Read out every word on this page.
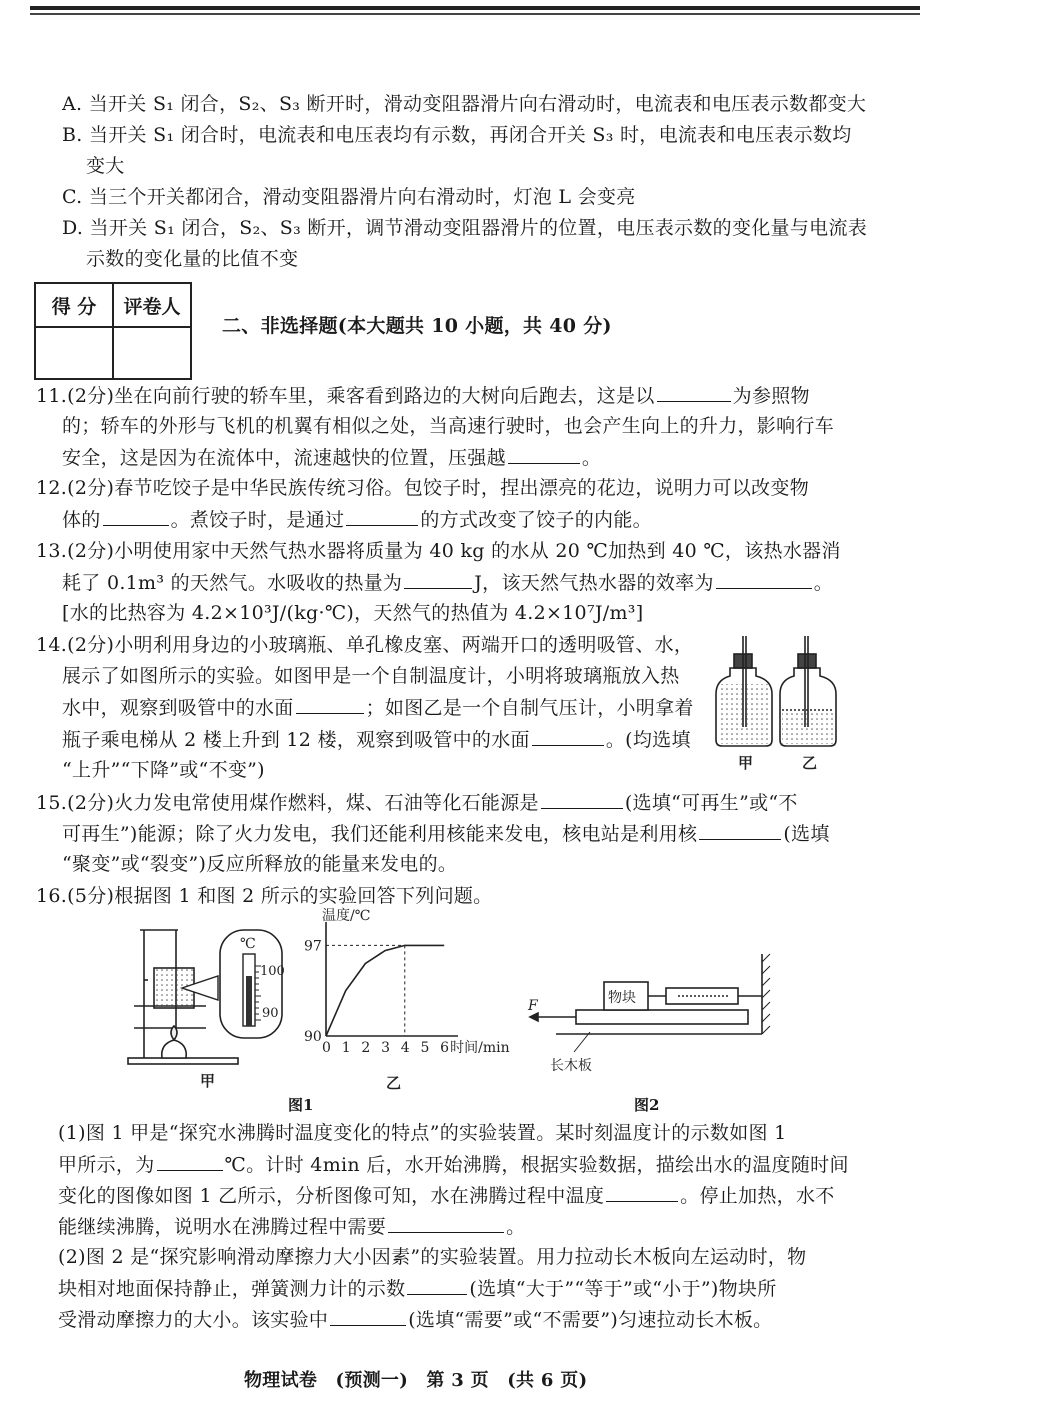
A. 当开关 S₁ 闭合，S₂、S₃ 断开时，滑动变阻器滑片向右滑动时，电流表和电压表示数都变大
B. 当开关 S₁ 闭合时，电流表和电压表均有示数，再闭合开关 S₃ 时，电流表和电压表示数均
变大
C. 当三个开关都闭合，滑动变阻器滑片向右滑动时，灯泡 L 会变亮
D. 当开关 S₁ 闭合，S₂、S₃ 断开，调节滑动变阻器滑片的位置，电压表示数的变化量与电流表
示数的变化量的比值不变
得 分	评卷人

二、非选择题(本大题共 10 小题，共 40 分)
11.(2分)坐在向前行驶的轿车里，乘客看到路边的大树向后跑去，这是以	为参照物
的；轿车的外形与飞机的机翼有相似之处，当高速行驶时，也会产生向上的升力，影响行车
安全，这是因为在流体中，流速越快的位置，压强越	。
12.(2分)春节吃饺子是中华民族传统习俗。包饺子时，捏出漂亮的花边，说明力可以改变物
体的	。煮饺子时，是通过	的方式改变了饺子的内能。
13.(2分)小明使用家中天然气热水器将质量为 40 kg 的水从 20 ℃加热到 40 ℃，该热水器消
耗了 0.1m³ 的天然气。水吸收的热量为	J，该天然气热水器的效率为	。
[水的比热容为 4.2×10³J/(kg·℃)，天然气的热值为 4.2×10⁷J/m³]
14.(2分)小明利用身边的小玻璃瓶、单孔橡皮塞、两端开口的透明吸管、水，
展示了如图所示的实验。如图甲是一个自制温度计，小明将玻璃瓶放入热
水中，观察到吸管中的水面	；如图乙是一个自制气压计，小明拿着
瓶子乘电梯从 2 楼上升到 12 楼，观察到吸管中的水面	。(均选填
“上升”“下降”或“不变”)	甲	乙
15.(2分)火力发电常使用煤作燃料，煤、石油等化石能源是	(选填“可再生”或“不
可再生”)能源；除了火力发电，我们还能利用核能来发电，核电站是利用核	(选填
“聚变”或“裂变”)反应所释放的能量来发电的。
16.(5分)根据图 1 和图 2 所示的实验回答下列问题。
℃
100
90
甲
温度/℃
时间/min
0 1 2 3 4 5 6
90
97
乙
图1
物块
F
长木板
图2
(1)图 1 甲是“探究水沸腾时温度变化的特点”的实验装置。某时刻温度计的示数如图 1
甲所示，为	℃。计时 4min 后，水开始沸腾，根据实验数据，描绘出水的温度随时间
变化的图像如图 1 乙所示，分析图像可知，水在沸腾过程中温度	。停止加热，水不
能继续沸腾，说明水在沸腾过程中需要	。
(2)图 2 是“探究影响滑动摩擦力大小因素”的实验装置。用力拉动长木板向左运动时，物
块相对地面保持静止，弹簧测力计的示数	(选填“大于”“等于”或“小于”)物块所
受滑动摩擦力的大小。该实验中	(选填“需要”或“不需要”)匀速拉动长木板。
物理试卷　(预测一)　第 3 页　(共 6 页)
